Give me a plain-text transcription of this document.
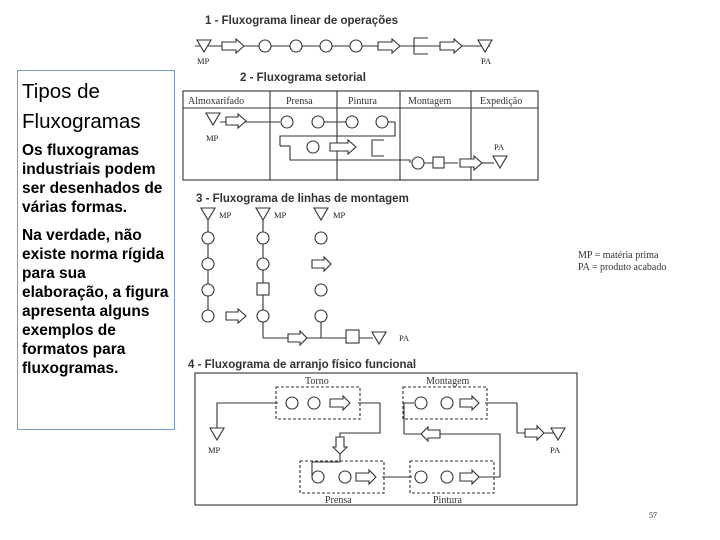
Tipos de Fluxogramas

Os fluxogramas industriais podem ser desenhados de várias formas.

Na verdade, não existe norma rígida para sua elaboração, a figura apresenta alguns exemplos de formatos para fluxogramas.

1 - Fluxograma linear de operações
MP	PA
2 - Fluxograma setorial
Almoxarifado	Prensa	Pintura	Montagem	Expedição
MP
PA
3 - Fluxograma de linhas de montagem
MP	MP	MP
PA
4 - Fluxograma de arranjo físico funcional
Torno	Montagem
Prensa	Pintura
MP	PA
MP = matéria prima
PA = produto acabado
57
